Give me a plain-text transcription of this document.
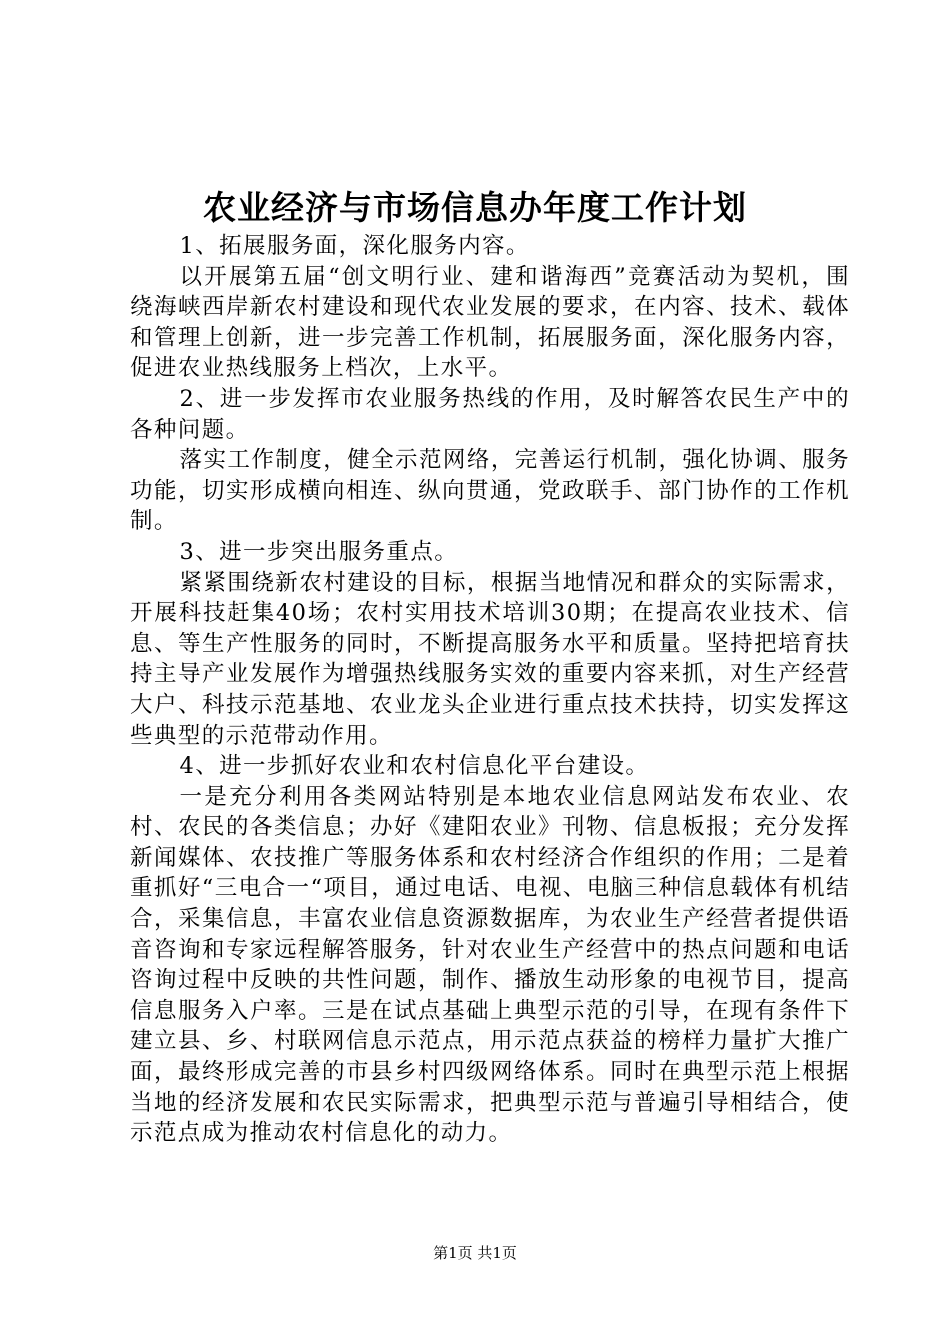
农业经济与市场信息办年度工作计划

1、拓展服务面，深化服务内容。

以开展第五届“创文明行业、建和谐海西”竞赛活动为契机，围绕海峡西岸新农村建设和现代农业发展的要求，在内容、技术、载体和管理上创新，进一步完善工作机制，拓展服务面，深化服务内容，促进农业热线服务上档次，上水平。

2、进一步发挥市农业服务热线的作用，及时解答农民生产中的各种问题。

落实工作制度，健全示范网络，完善运行机制，强化协调、服务功能，切实形成横向相连、纵向贯通，党政联手、部门协作的工作机制。

3、进一步突出服务重点。

紧紧围绕新农村建设的目标，根据当地情况和群众的实际需求，开展科技赶集40场；农村实用技术培训30期；在提高农业技术、信息、等生产性服务的同时，不断提高服务水平和质量。坚持把培育扶持主导产业发展作为增强热线服务实效的重要内容来抓，对生产经营大户、科技示范基地、农业龙头企业进行重点技术扶持，切实发挥这些典型的示范带动作用。

4、进一步抓好农业和农村信息化平台建设。

一是充分利用各类网站特别是本地农业信息网站发布农业、农村、农民的各类信息；办好《建阳农业》刊物、信息板报；充分发挥新闻媒体、农技推广等服务体系和农村经济合作组织的作用；二是着重抓好“三电合一“项目，通过电话、电视、电脑三种信息载体有机结合，采集信息，丰富农业信息资源数据库，为农业生产经营者提供语音咨询和专家远程解答服务，针对农业生产经营中的热点问题和电话咨询过程中反映的共性问题，制作、播放生动形象的电视节目，提高信息服务入户率。三是在试点基础上典型示范的引导，在现有条件下建立县、乡、村联网信息示范点，用示范点获益的榜样力量扩大推广面，最终形成完善的市县乡村四级网络体系。同时在典型示范上根据当地的经济发展和农民实际需求，把典型示范与普遍引导相结合，使示范点成为推动农村信息化的动力。

第1页 共1页
